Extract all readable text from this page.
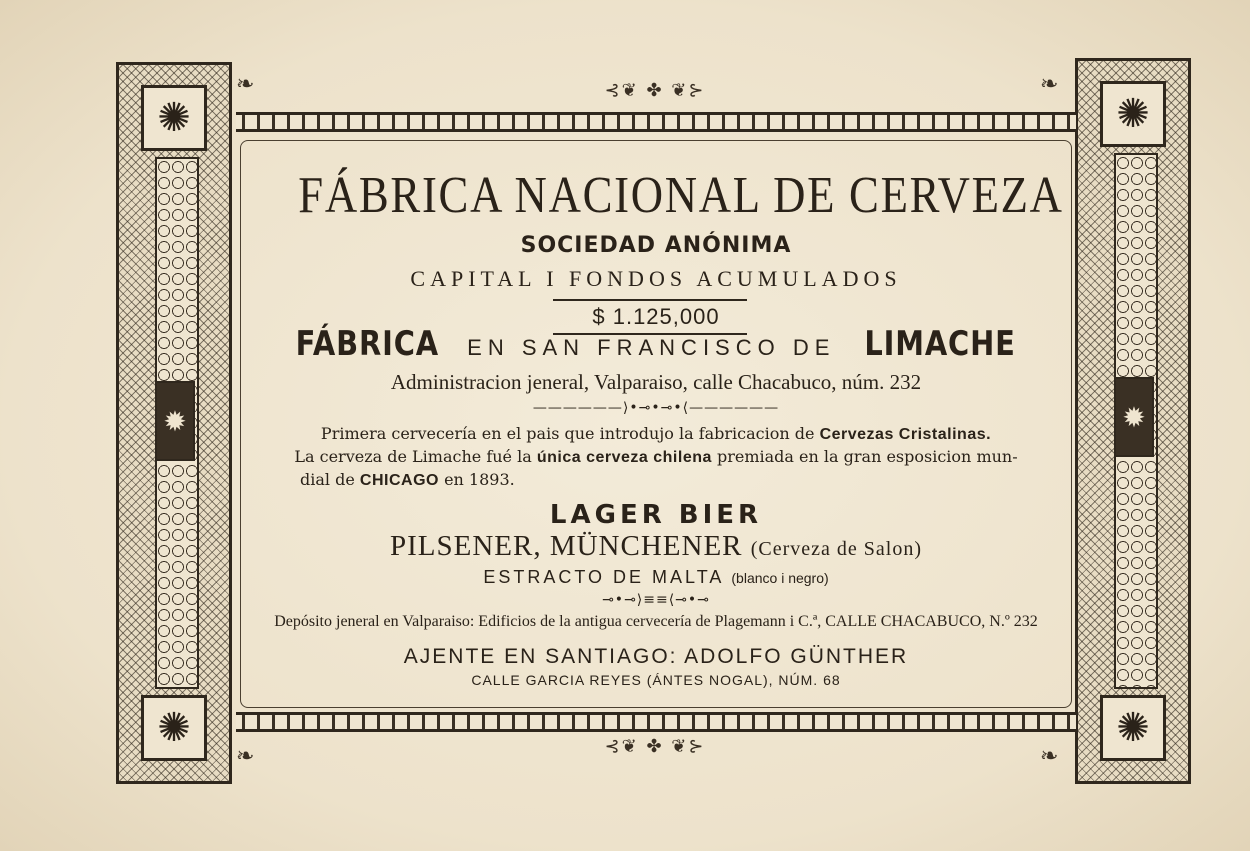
✺
✹
✺
✺
✹
✺
⊰❦ ✤ ❦⊱
⊰❦ ✤ ❦⊱
❧	❧
❧	❧
FÁBRICA NACIONAL DE CERVEZA
SOCIEDAD ANÓNIMA
CAPITAL I FONDOS ACUMULADOS
$ 1.125,000
FÁBRICA EN SAN FRANCISCO DE LIMACHE
Administracion jeneral, Valparaiso, calle Chacabuco, núm. 232
——————⟩•⊸•⊸•⟨——————
Primera cervecería en el pais que introdujo la fabricacion de Cervezas Cristalinas.
La cerveza de Limache fué la única cerveza chilena premiada en la gran esposicion mun-
dial de CHICAGO en 1893.
LAGER BIER
PILSENER, MÜNCHENER (Cerveza de Salon)
ESTRACTO DE MALTA (blanco i negro)
⊸•⊸⟩≡≡⟨⊸•⊸
Depósito jeneral en Valparaiso: Edificios de la antigua cervecería de Plagemann i C.ª, CALLE CHACABUCO, N.º 232
AJENTE EN SANTIAGO: ADOLFO GÜNTHER
CALLE GARCIA REYES (ÁNTES NOGAL), NÚM. 68
